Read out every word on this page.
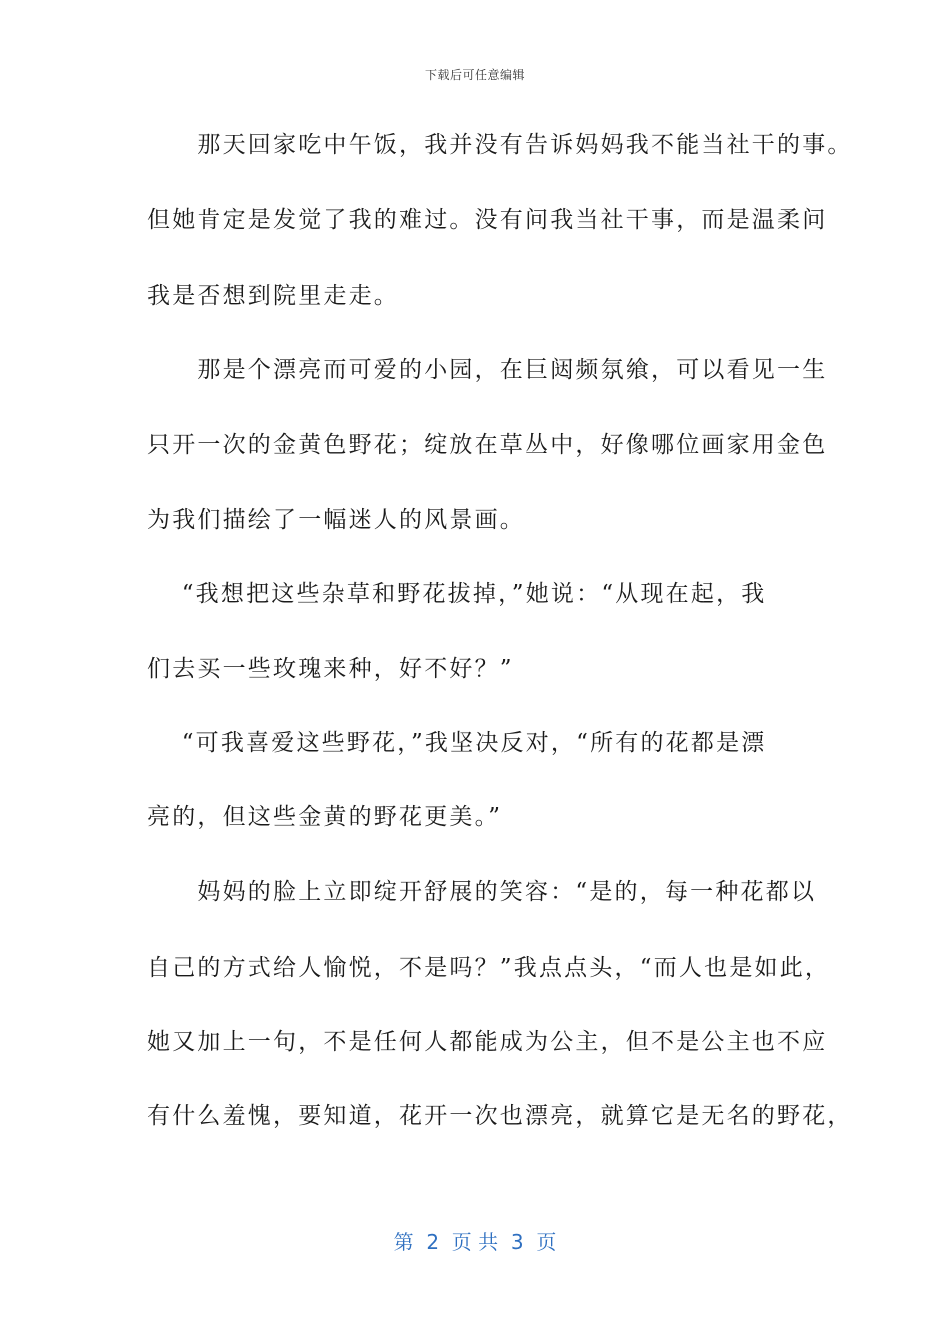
下载后可任意编辑
　　那天回家吃中午饭，我并没有告诉妈妈我不能当社干的事。
但她肯定是发觉了我的难过。没有问我当社干事，而是温柔问
我是否想到院里走走。
　　那是个漂亮而可爱的小园，在巨闼频氛飨，可以看见一生
只开一次的金黄色野花；绽放在草丛中，好像哪位画家用金色
为我们描绘了一幅迷人的风景画。
　 “我想把这些杂草和野花拔掉，”她说：“从现在起，我
们去买一些玫瑰来种，好不好？”
　 “可我喜爱这些野花，”我坚决反对，“所有的花都是漂
亮的，但这些金黄的野花更美。”
　　妈妈的脸上立即绽开舒展的笑容：“是的，每一种花都以
自己的方式给人愉悦，不是吗？”我点点头，“而人也是如此，
她又加上一句，不是任何人都能成为公主，但不是公主也不应
有什么羞愧，要知道，花开一次也漂亮，就算它是无名的野花，
第  2  页 共  3  页
